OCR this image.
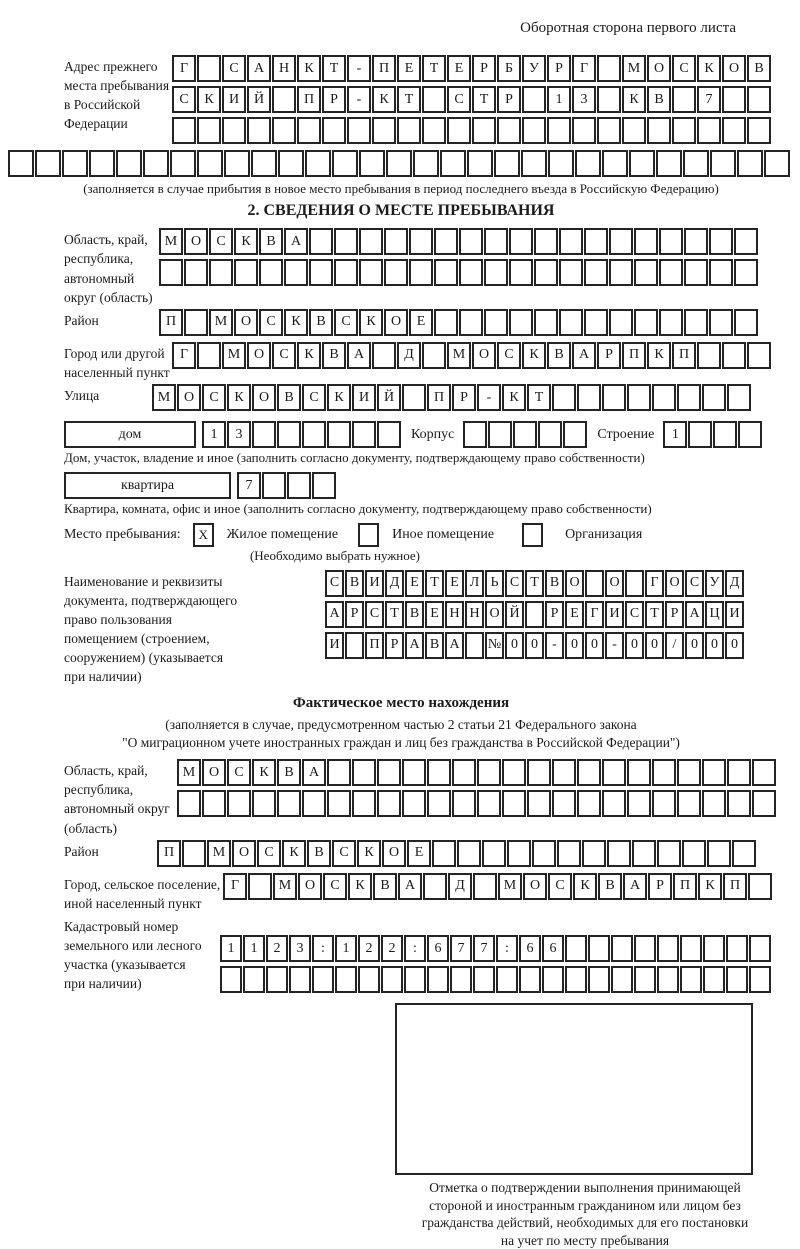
Оборотная сторона первого листа
Адрес прежнего
места пребывания
в Российской
Федерации
Г	С	А	Н	К	Т	-	П	Е	Т	Е	Р	Б	У	Р	Г	М О	С	К	О	В
С	К	И	Й	П	Р	-	К	Т	С	Т	Р	1	3	К	В	7
(заполняется в случае прибытия в новое место пребывания в период последнего въезда в Российскую Федерацию)
2. СВЕДЕНИЯ О МЕСТЕ ПРЕБЫВАНИЯ
Область, край,
республика,
автономный
округ (область)
М О	С	К	В	А
Район	П	М О	С	К	В	С	К	О	Е
Город или другой
населенный пункт
Г	М О	С	К	В	А	Д	М О	С	К	В	А	Р	П	К	П
Улица	М О	С	К	О	В	С	К	И	Й	П	Р	-	К	Т
дом	1	3	Корпус	Строение	1
Дом, участок, владение и иное (заполнить согласно документу, подтверждающему право собственности)
квартира	7
Квартира, комната, офис и иное (заполнить согласно документу, подтверждающему право собственности)
Место пребывания:	X	Жилое помещение	Иное помещение	Организация
(Необходимо выбрать нужное)
Наименование и реквизиты
документа, подтверждающего
право пользования
помещением (строением,
сооружением) (указывается
при наличии)
С В И Д Е Т Е Л Ь С Т В О	О	Г О С У Д
А Р С Т В Е Н Н О Й	Р Е Г И С Т Р А Ц И
И	П Р А В А	№ 0 0	-	0 0	-	0 0	/	0 0 0
Фактическое место нахождения
(заполняется в случае, предусмотренном частью 2 статьи 21 Федерального закона
"О миграционном учете иностранных граждан и лиц без гражданства в Российской Федерации")
Область, край,
республика,
автономный округ
(область)
М О	С	К	В	А
Район	П	М О	С	К	В	С	К	О	Е
Город, сельское поселение,
иной населенный пункт
Г	М О	С	К	В	А	Д	М О	С	К	В	А	Р	П	К	П
Кадастровый номер
земельного или лесного
участка (указывается
при наличии)
1	1	2	3	:	1	2	2	:	6	7	7	:	6	6
Отметка о подтверждении выполнения принимающей
стороной и иностранным гражданином или лицом без
гражданства действий, необходимых для его постановки
на учет по месту пребывания
